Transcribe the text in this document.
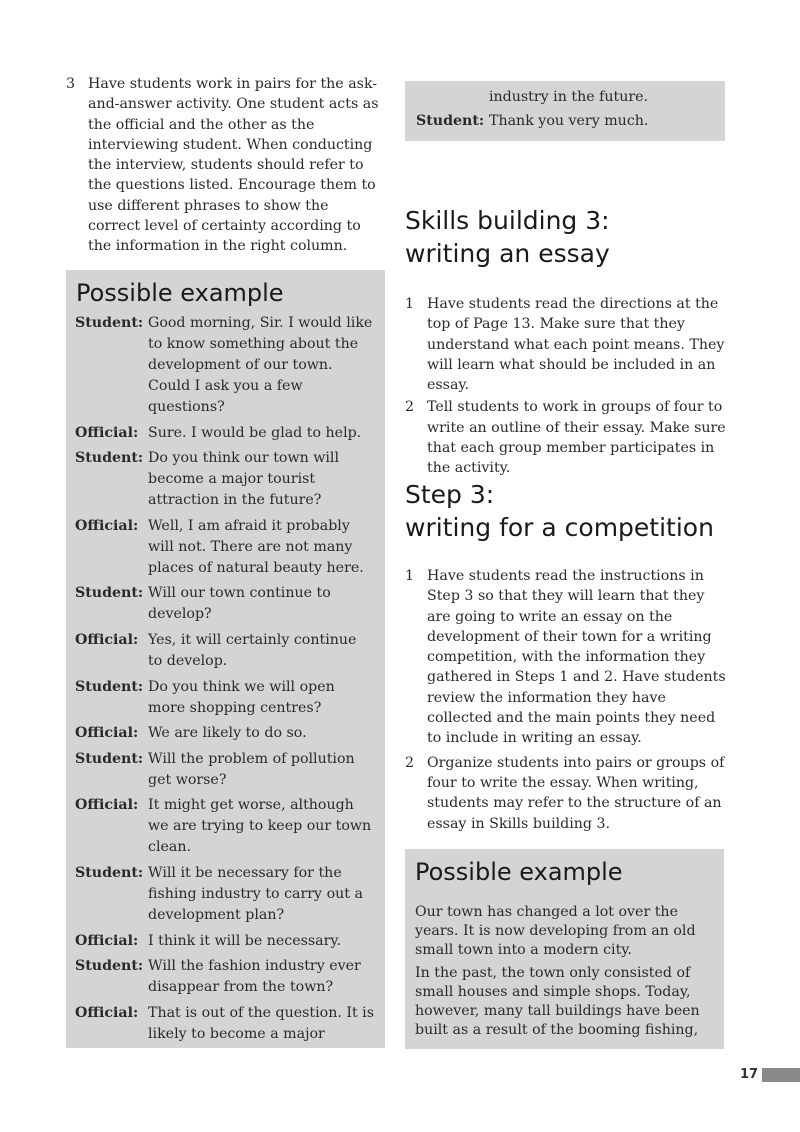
3 Have students work in pairs for the ask-and-answer activity. One student acts as the official and the other as the interviewing student. When conducting the interview, students should refer to the questions listed. Encourage them to use different phrases to show the correct level of certainty according to the information in the right column.
Possible example
Student: Good morning, Sir. I would like to know something about the development of our town. Could I ask you a few questions?
Official: Sure. I would be glad to help.
Student: Do you think our town will become a major tourist attraction in the future?
Official: Well, I am afraid it probably will not. There are not many places of natural beauty here.
Student: Will our town continue to develop?
Official: Yes, it will certainly continue to develop.
Student: Do you think we will open more shopping centres?
Official: We are likely to do so.
Student: Will the problem of pollution get worse?
Official: It might get worse, although we are trying to keep our town clean.
Student: Will it be necessary for the fishing industry to carry out a development plan?
Official: I think it will be necessary.
Student: Will the fashion industry ever disappear from the town?
Official: That is out of the question. It is likely to become a major
industry in the future.
Student: Thank you very much.
Skills building 3:
writing an essay
1 Have students read the directions at the top of Page 13. Make sure that they understand what each point means. They will learn what should be included in an essay.
2 Tell students to work in groups of four to write an outline of their essay. Make sure that each group member participates in the activity.
Step 3:
writing for a competition
1 Have students read the instructions in Step 3 so that they will learn that they are going to write an essay on the development of their town for a writing competition, with the information they gathered in Steps 1 and 2. Have students review the information they have collected and the main points they need to include in writing an essay.
2 Organize students into pairs or groups of four to write the essay. When writing, students may refer to the structure of an essay in Skills building 3.
Possible example

Our town has changed a lot over the years. It is now developing from an old small town into a modern city.

In the past, the town only consisted of small houses and simple shops. Today, however, many tall buildings have been built as a result of the booming fishing,

17
